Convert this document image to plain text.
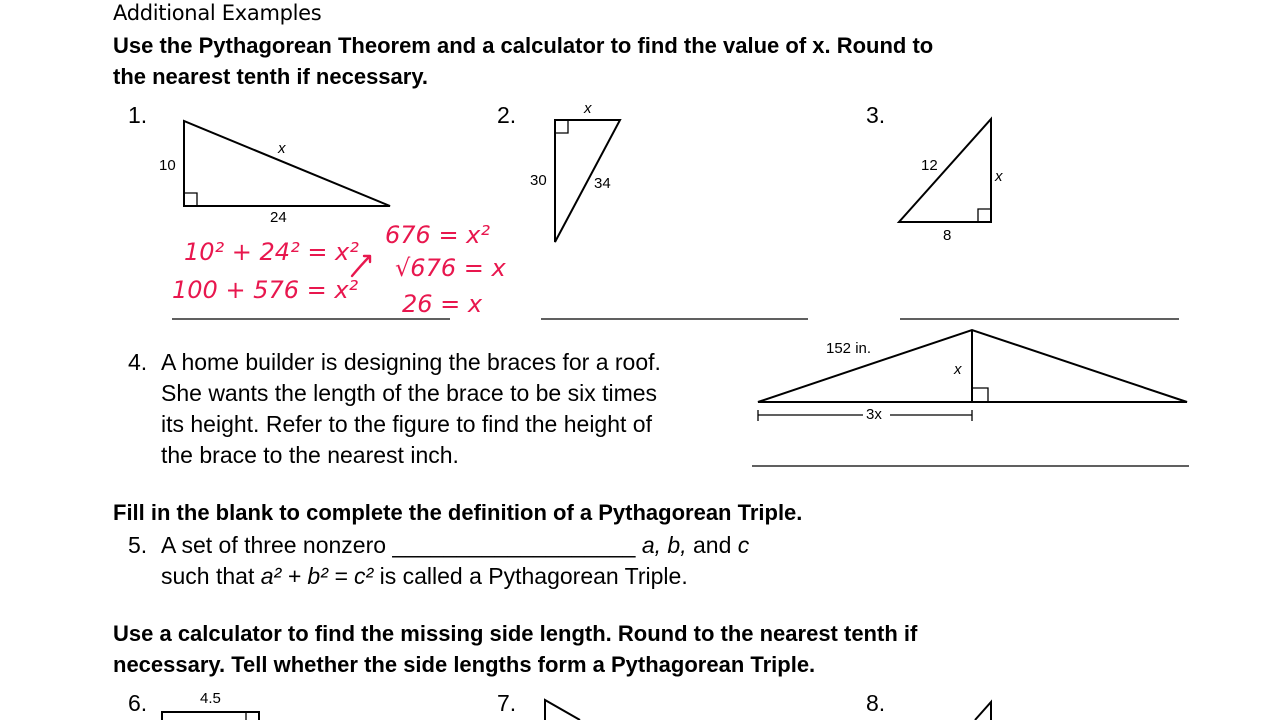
Additional Examples
Use the Pythagorean Theorem and a calculator to find the value of x. Round to
the nearest tenth if necessary.
1.	2.	3.
10
24
x
x
30	34
12
x
8
152 in.
x
3x
10² + 24² = x²
100 + 576 = x²
676 = x²
√676 = x
26 = x
4. A home builder is designing the braces for a roof.
She wants the length of the brace to be six times
its height. Refer to the figure to find the height of
the brace to the nearest inch.
Fill in the blank to complete the definition of a Pythagorean Triple.
5. A set of three nonzero ___________________ a, b, and c
such that a² + b² = c² is called a Pythagorean Triple.
Use a calculator to find the missing side length. Round to the nearest tenth if
necessary. Tell whether the side lengths form a Pythagorean Triple.
6.	4.5	7.	8.
